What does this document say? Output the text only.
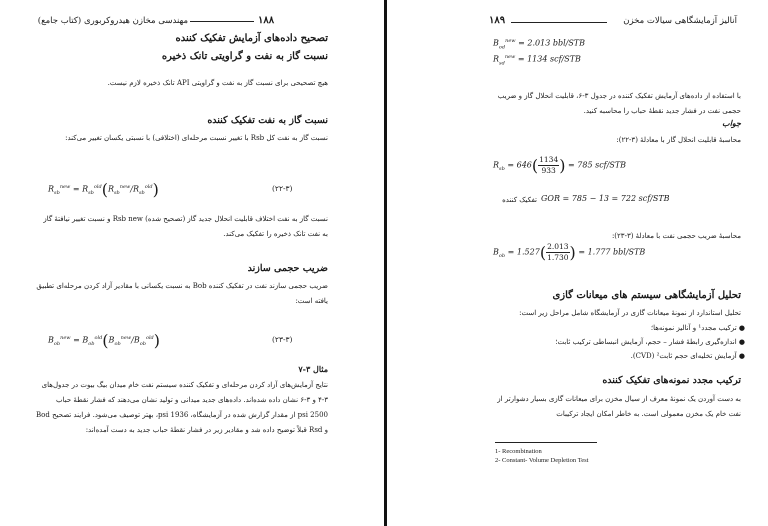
۱۸۸
مهندسی مخازن هیدروکربوری (کتاب جامع)
تصحیح داده‌های آزمایش تفکیک کننده
نسبت گاز به نفت و گراویتی تانک ذخیره
هیچ تصحیحی برای نسبت گاز به نفت و گراویتی API تانک ذخیره لازم نیست.
نسبت گاز به نفت تفکیک کننده
نسبت گاز به نفت کل Rsb با تغییر نسبت مرحله‌ای (اختلافی) با نسبتی یکسان تغییر می‌کند:
$R_{sb}^{new} = R_{sb}^{old}(R_{sb}^{new}/R_{sb}^{old})$	(۲۲-۳)
نسبت گاز به نفت اختلاف قابلیت انحلال جدید گاز (تصحیح شده) Rsb new و نسبت تغییر نیافتهٔ گاز به نفت تانک ذخیره را تفکیک می‌کند.
ضریب حجمی سازند
ضریب حجمی سازند نفت در تفکیک کننده Bob به نسبت یکسانی با مقادیر آزاد کردن مرحله‌ای تطبیق یافته است:
$B_{ob}^{new} = B_{ob}^{old}(B_{ob}^{new}/B_{ob}^{old})$	(۲۳-۳)
مثال ۳-۷
نتایج آزمایش‌های آزاد کردن مرحله‌ای و تفکیک کننده سیستم نفت خام میدان بیگ بیوت در جدول‌های ۳-۴ و ۳-۶ نشان داده شده‌اند. داده‌های جدید میدانی و تولید نشان می‌دهند که فشار نقطهٔ حباب 2500 psi از مقدار گزارش شده در آزمایشگاه، 1936 psi، بهتر توصیف می‌شود. فرایند تصحیح Bod و Rsd قبلاً توضیح داده شد و مقادیر زیر در فشار نقطهٔ حباب جدید به دست آمده‌اند:
آنالیز آزمایشگاهی سیالات مخزن
۱۸۹
$B_{od}^{new} = 2.013$ bbl/STB
$R_{sd}^{new} = 1134$ scf/STB
با استفاده از داده‌های آزمایش تفکیک کننده در جدول ۳-۶، قابلیت انحلال گاز و ضریب حجمی نفت در فشار جدید نقطهٔ حباب را محاسبه کنید.
جواب
محاسبهٔ قابلیت انحلال گاز با معادلهٔ (۳-۲۲):
$R_{sb} = 646( \frac{1134}{933}$ ) = 785 scf/STB
GOR = 785 − 13 = 722 scf/STB
تفکیک کننده
محاسبهٔ ضریب حجمی نفت با معادلهٔ (۳-۲۳):
$B_{ob} = 1.527( \frac{2.013}{1.730}$ ) = 1.777 bbl/STB
تحلیل آزمایشگاهی سیستم های میعانات گازی
تحلیل استاندارد از نمونهٔ میعانات گازی در آزمایشگاه شامل مراحل زیر است:
● ترکیب مجدد¹ و آنالیز نمونه‌ها؛
● اندازه‌گیری رابطهٔ فشار – حجم، آزمایش انبساطی ترکیب ثابت؛
● آزمایش تخلیه‌ای حجم ثابت² (CVD).
ترکیب مجدد نمونه‌های تفکیک کننده
به دست آوردن یک نمونهٔ معرف از سیال مخزن برای میعانات گازی بسیار دشوارتر از نفت خام یک مخزن معمولی است. به خاطر امکان ایجاد ترکیبات
1- Recombination
2- Constant- Volume Depletion Test
